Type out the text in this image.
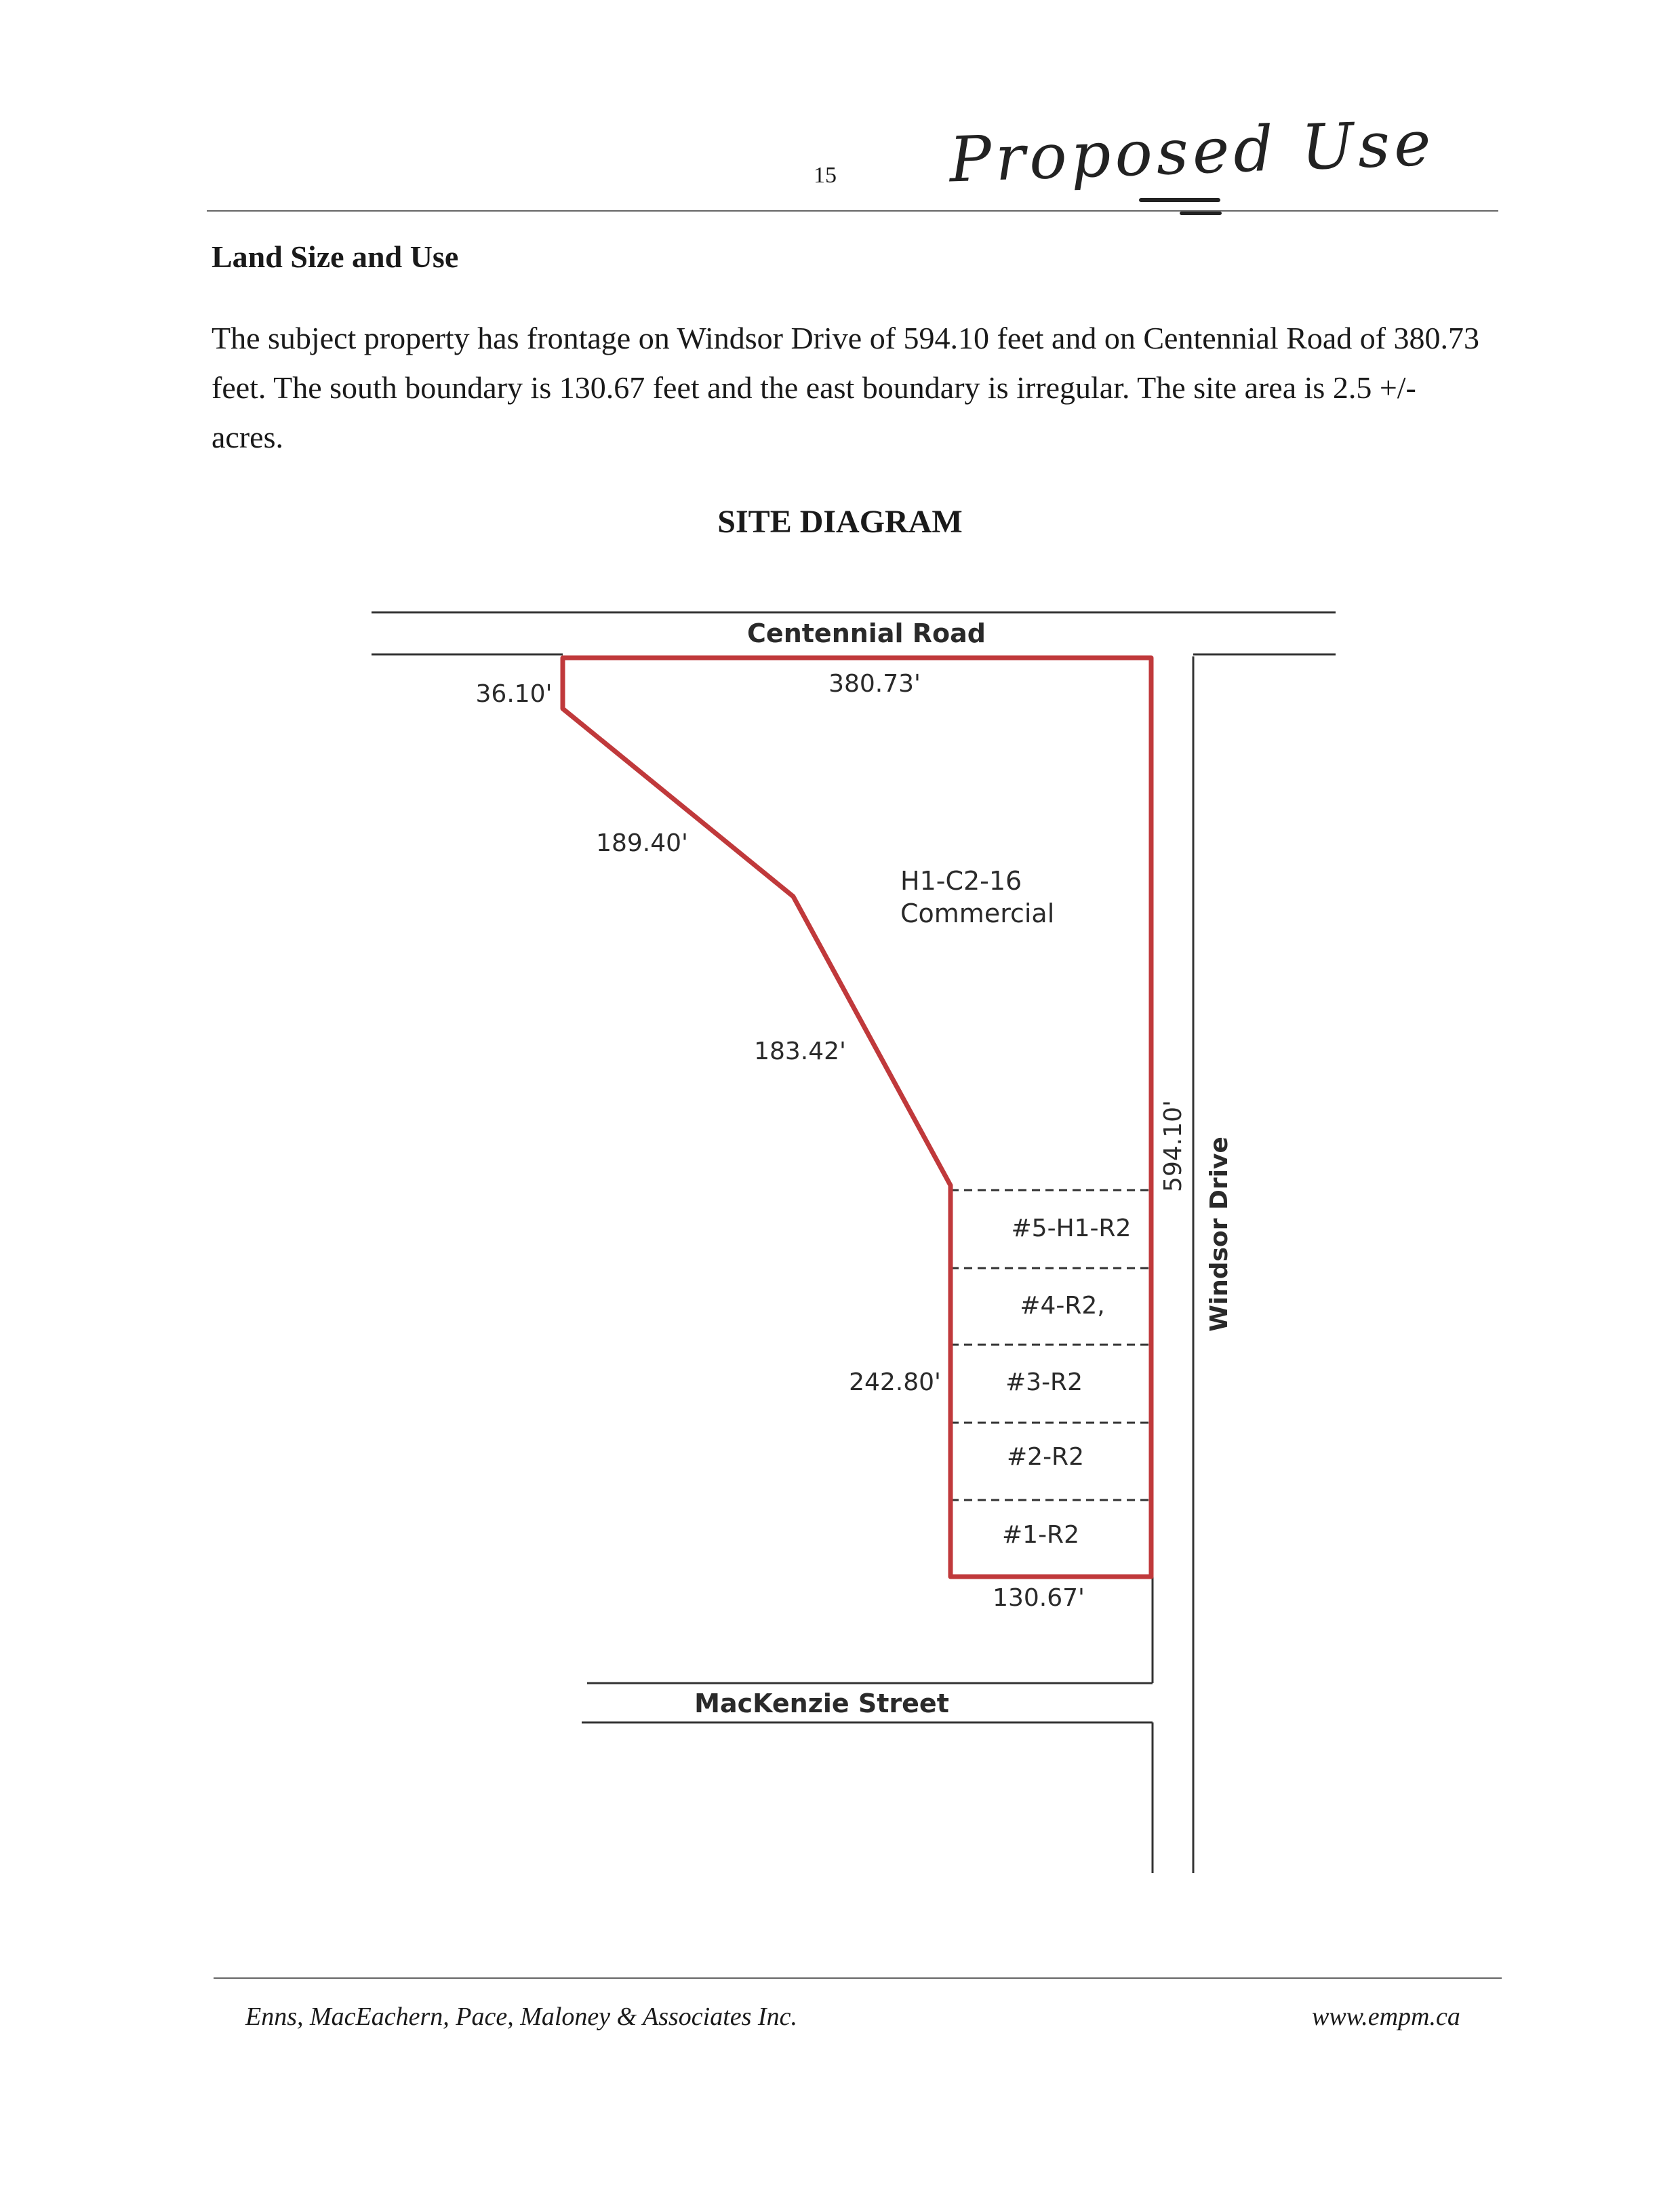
15 Proposed Use
Land Size and Use
The subject property has frontage on Windsor Drive of 594.10 feet and on Centennial Road of 380.73 feet. The south boundary is 130.67 feet and the east boundary is irregular. The site area is 2.5 +/- acres.
SITE DIAGRAM
Centennial Road
MacKenzie Street
Windsor Drive
380.73'
36.10'
189.40'
183.42'
242.80'
594.10'
130.67'
H1-C2-16
Commercial
#5-H1-R2
#4-R2,
#3-R2
#2-R2
#1-R2
Enns, MacEachern, Pace, Maloney & Associates Inc.	www.empm.ca
